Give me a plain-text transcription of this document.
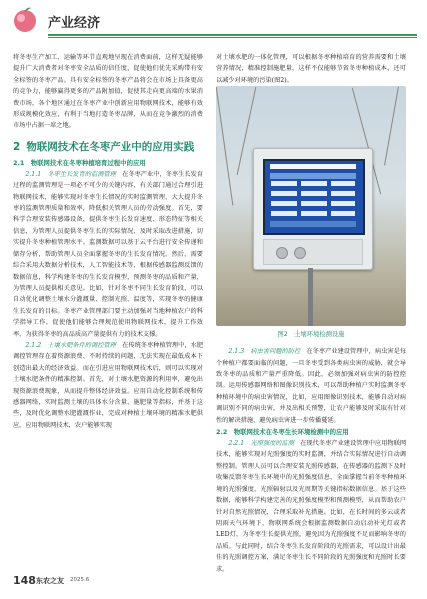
产业经济

将冬枣生产加工、运输等环节直观地呈现在消费面前，这样无疑能够提升广大消费者对冬枣安全品质的信任度，促使他们优先采购带有安全标签的冬枣产品。具有安全标签的冬枣产品将会在市场上具备更高的竞争力，能够赢得更多的产品附加值，促使其走向更高端的水果消费市场，各个地区通过在冬枣产业中创新应用物联网技术，能够有效形成规模化效应，有利于当地打造冬枣品牌，从而在竞争激烈的消费市场中占据一席之地。

2 物联网技术在冬枣产业中的应用实践
2.1　物联网技术在冬枣种植培育过程中的应用

2.1.1　冬枣生长发育的监测管理　 在冬枣产业中，冬枣生长发育过程的监测管理是一项必不可少的关键内容，有关部门通过合理引进物联网技术，能够实现对冬枣生长情况的实时监测管理，大大提升冬枣的监测管理质量和效率，降低相关管理人员的劳动强度。首先，要科学合理安装传感器设备，提供冬枣生长发育速度、形态特征等相关信息，为管理人员提供冬枣生长的实际情况，及时采取改进措施，切实提升冬枣种植管理水平。监测数据可以基于云平台进行安全传递和储存分析，帮助管理人员全面掌握冬枣的生长发育情况，然后，需要综合采用大数据分析技术，人工智能技术等，根据传感器监测反馈的数据信息，科学构建冬枣的生长发育模型，预测冬枣的品质和产量，为管理人员提供相关意见。比如，针对冬枣不同生长发育阶段，可以自动优化调整土壤水分灌溉量、控制光照、温度等，实现冬枣的健康生长发育的目标。冬枣产业管理部门要主动加强对当地种植农户的科学指导工作，促使他们能够合理规范使用物联网技术，提升工作效率，为获得冬枣的高品质高产量提供有力的技术支撑。

2.1.2　土壤水肥条件的调控管理　 在传统冬枣种植管理中，水肥调控管理存在着资源浪费、不时持续的问题，无法实现在最低成本下创造出最大的经济效益。而在引进应用物联网技术后，则可以实现对土壤水肥条件的精准控制。首先，对土壤水肥资源的利用率，避免出现资源浪费现象，从而提升整体经济效益。应用自动化控制系统和传感器网络，实时监测土壤的具体水分含量、施肥量等指标，并基于这些，及时优化调整水肥灌溉作业，完成对种植土壤环境的精准水肥供应。应用物联网技术，农户能够实现

对土壤水肥的一体化管理，可以根据冬枣种植培育的营养需要和土壤营养情况，精准控制施肥量，这样不仅能够节省冬枣种植成本，还可以减少对环境的污染(图2)。

图2　土壤环境检测设施

2.1.3　病虫害问题的防控　 在冬枣产业建设管理中，病虫害是每个种植户都要面临的问题，一旦冬枣受到各类病虫害的威胁，就会导致冬枣的品质和产量严重降低。因此，必须加强对病虫害的防控控制。运用传感器网络和图像识别技术，可以帮助种植户实时监测冬枣种植环境中的病虫害情况，比如，应用图像识别技术，能够自动对病调识别不同的病虫害，并及出相关预警，让农户能够及时采取有针对性的解决措施，避免病虫害进一步传播蔓延。

2.2　物联网技术在冬枣生长环境检测中的应用

2.2.1　光照强度的监测　 在现代冬枣产业建设管理中应用物联网技术，能够实现对光照强度的实时监测，并结合实际情况进行自动调整控制。管理人员可以合理安装光照传感器，在传感器的监测下及时收集反馈冬枣生长环境中的光照强度信息，全面掌握当前冬枣种植环境的光照强度、光照辐射以及光周期等关键指标数据信息。基于这些数据，能够科学构建完善的光照强度模型和预测模型，从而帮助农户针对自然光照情况，合理采取补光措施。比如，在长时间的多云或者阴雨天气环境下，物联网系统会根据监测数据自动启动补光灯或者LED灯，为冬枣生长提供光照，避免因为光照强度不足而影响冬枣的品质。与此同时，结合冬枣生长发育阶段的光照需求，可以设计出最佳的光照调控方案，满足冬枣生长不同阶段的光照强度和光照时长要求。

148 东农之友 2025.6
